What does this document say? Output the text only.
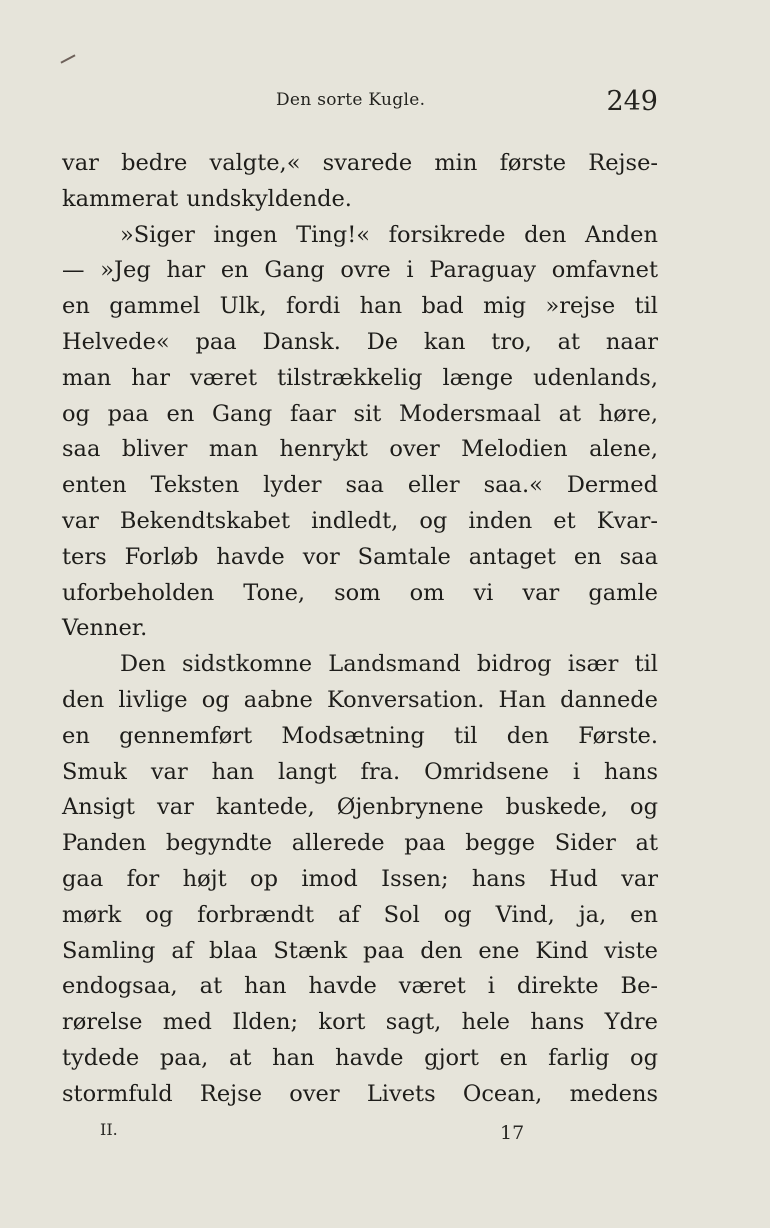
Den sorte Kugle.	249
var bedre valgte,« svarede min første Rejse-
kammerat undskyldende.
»Siger ingen Ting!« forsikrede den Anden
— »Jeg har en Gang ovre i Paraguay omfavnet
en gammel Ulk, fordi han bad mig »rejse til
Helvede« paa Dansk. De kan tro, at naar
man har været tilstrækkelig længe udenlands,
og paa en Gang faar sit Modersmaal at høre,
saa bliver man henrykt over Melodien alene,
enten Teksten lyder saa eller saa.« Dermed
var Bekendtskabet indledt, og inden et Kvar-
ters Forløb havde vor Samtale antaget en saa
uforbeholden Tone, som om vi var gamle
Venner.
Den sidstkomne Landsmand bidrog især til
den livlige og aabne Konversation. Han dannede
en gennemført Modsætning til den Første.
Smuk var han langt fra. Omridsene i hans
Ansigt var kantede, Øjenbrynene buskede, og
Panden begyndte allerede paa begge Sider at
gaa for højt op imod Issen; hans Hud var
mørk og forbrændt af Sol og Vind, ja, en
Samling af blaa Stænk paa den ene Kind viste
endogsaa, at han havde været i direkte Be-
rørelse med Ilden; kort sagt, hele hans Ydre
tydede paa, at han havde gjort en farlig og
stormfuld Rejse over Livets Ocean, medens
II.	17
